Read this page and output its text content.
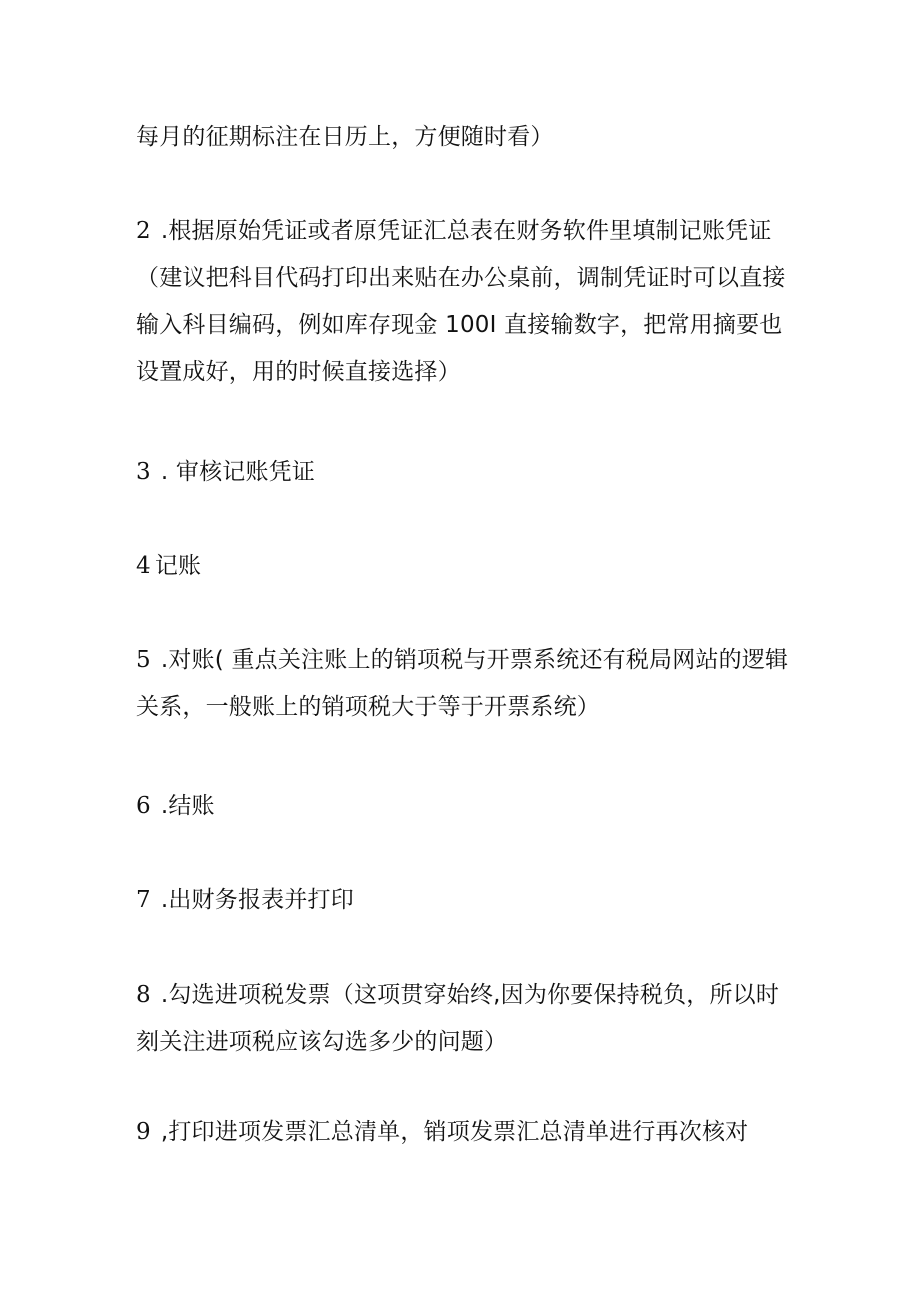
每月的征期标注在日历上，方便随时看）

2 .根据原始凭证或者原凭证汇总表在财务软件里填制记账凭证（建议把科目代码打印出来贴在办公桌前，调制凭证时可以直接输入科目编码，例如库存现金 100I 直接输数字，把常用摘要也设置成好，用的时候直接选择）

3 . 审核记账凭证

4 记账

5 .对账( 重点关注账上的销项税与开票系统还有税局网站的逻辑关系，一般账上的销项税大于等于开票系统）

6 .结账

7 .出财务报表并打印

8 .勾选进项税发票（这项贯穿始终,因为你要保持税负，所以时刻关注进项税应该勾选多少的问题）

9 ,打印进项发票汇总清单，销项发票汇总清单进行再次核对
